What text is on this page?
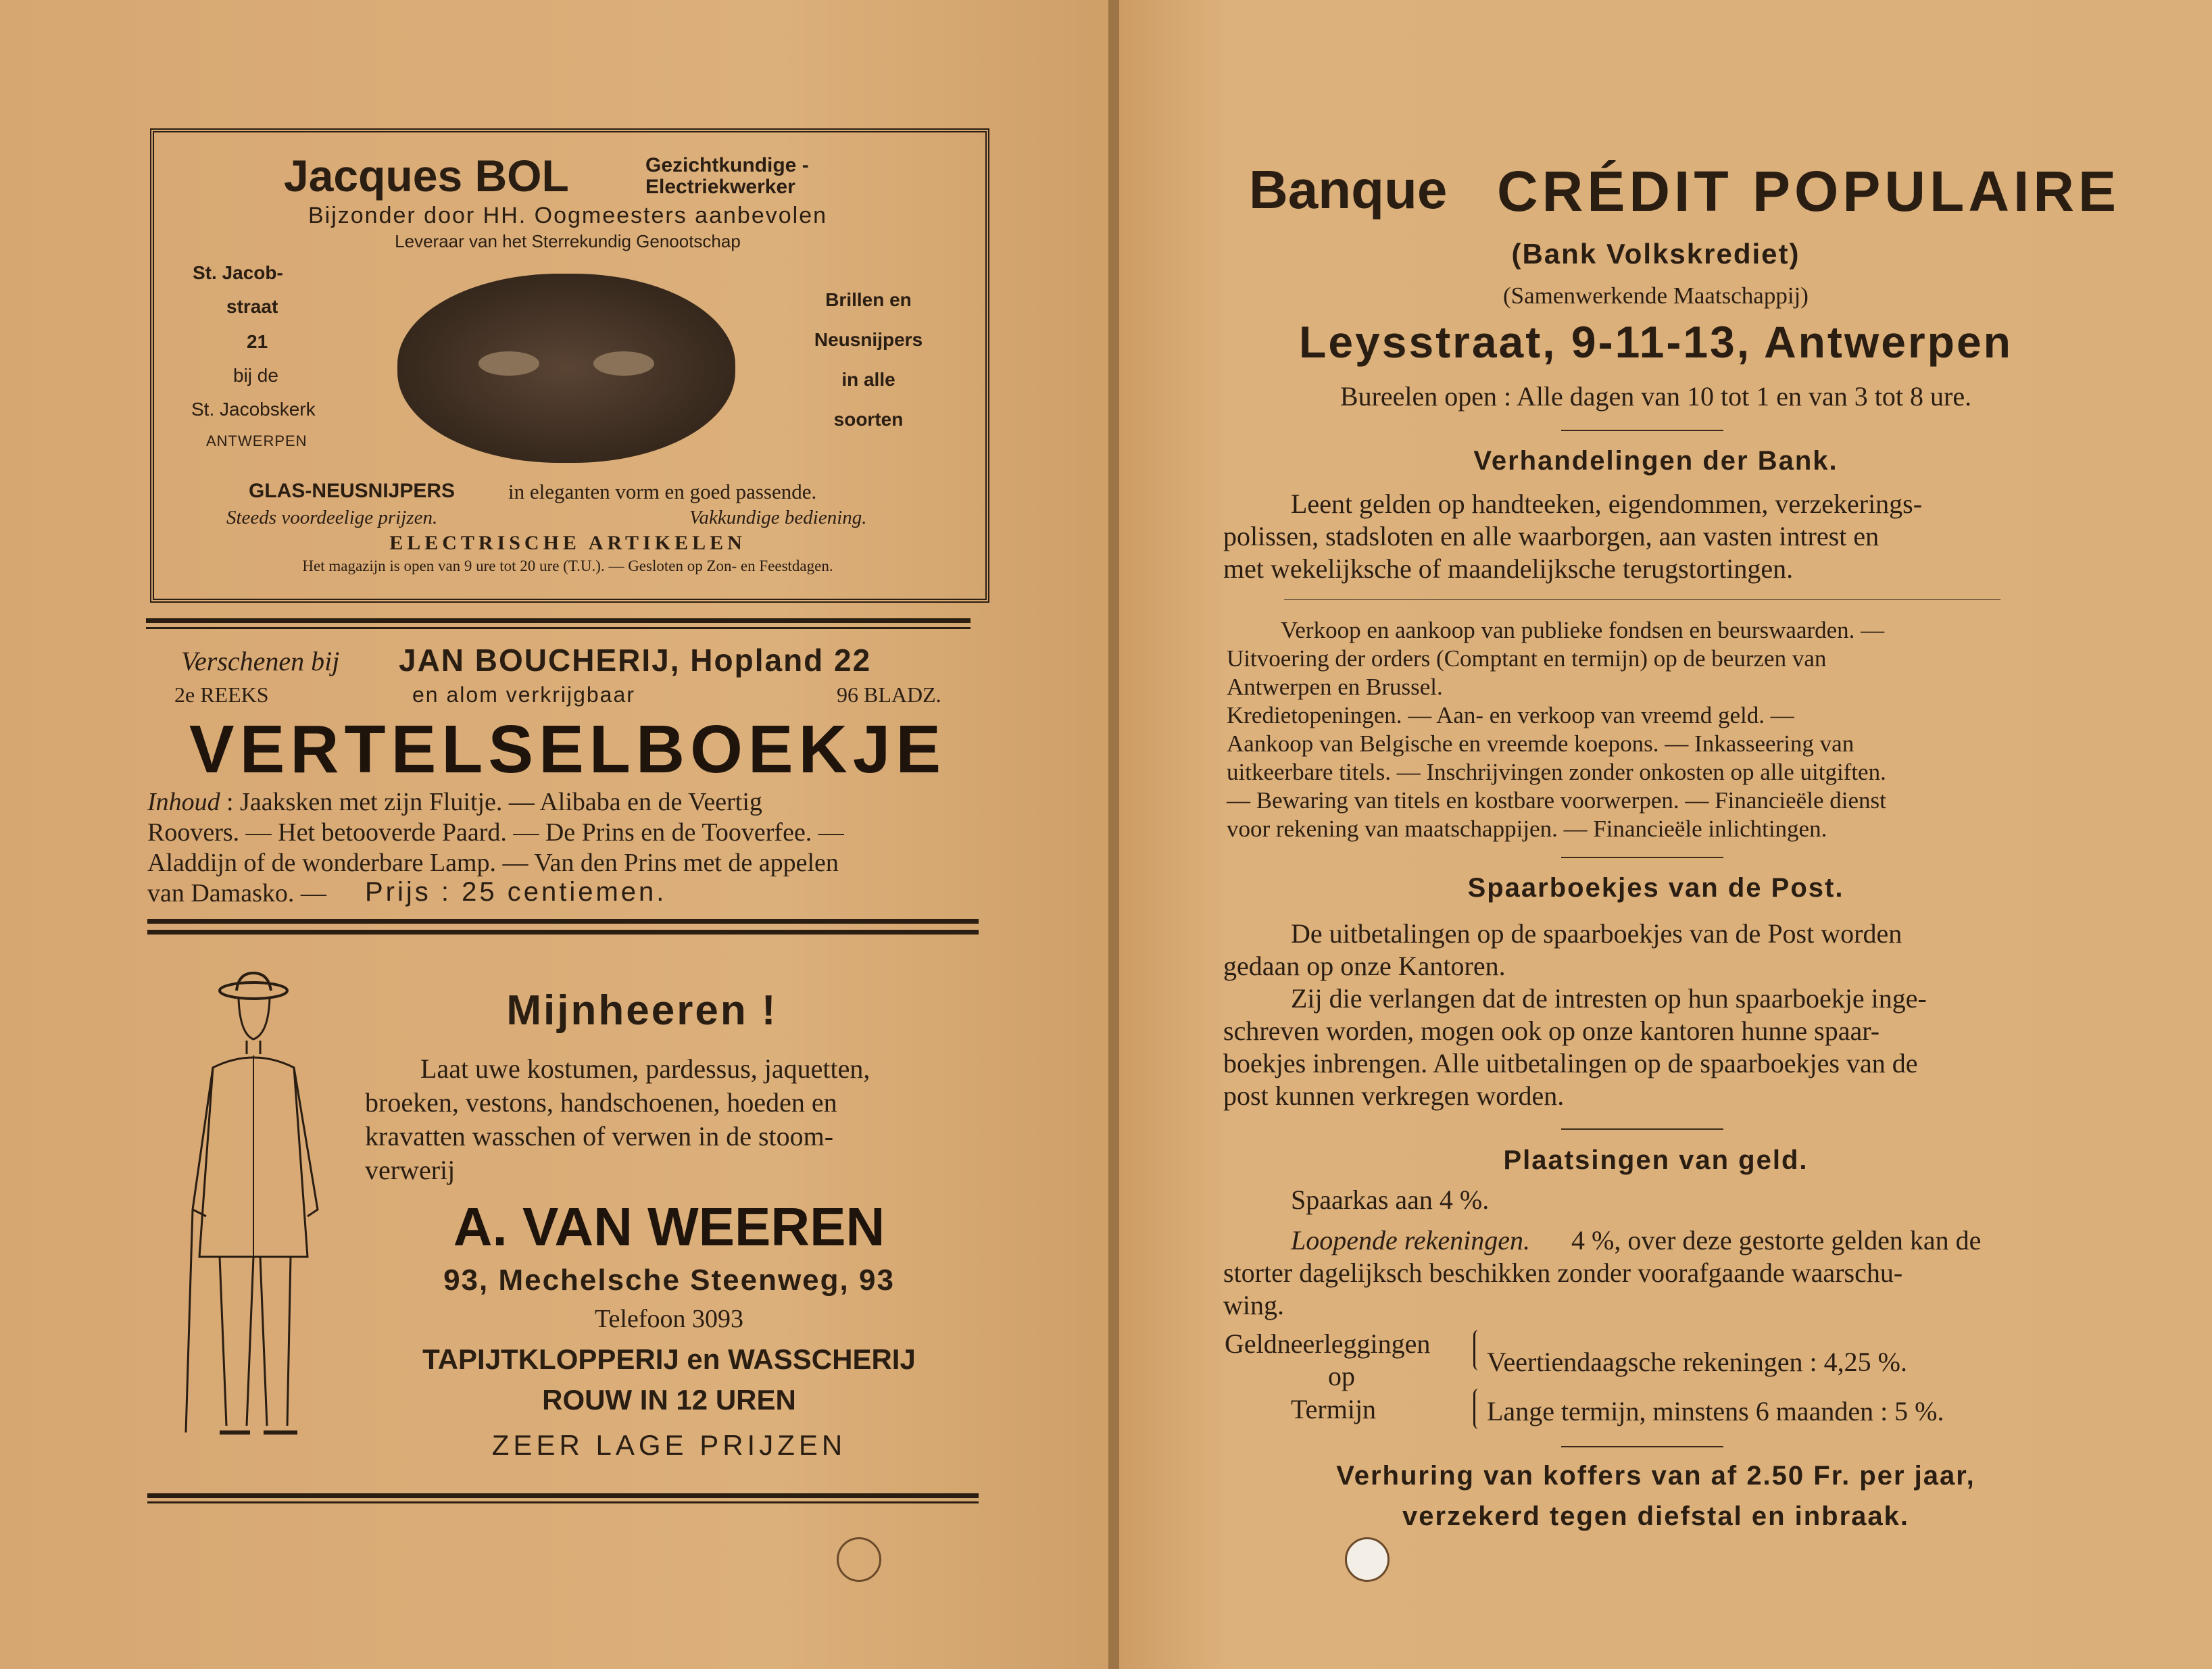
Jacques BOL	Gezichtkundige -
Electriekwerker
Bijzonder door HH. Oogmeesters aanbevolen
Leveraar van het Sterrekundig Genootschap
St. Jacob-
straat
21
bij de
St. Jacobskerk
ANTWERPEN
Brillen en
Neusnijpers
in alle
soorten
GLAS-NEUSNIJPERS	in eleganten vorm en goed passende.
Steeds voordeelige prijzen.	Vakkundige bediening.
ELECTRISCHE ARTIKELEN
Het magazijn is open van 9 ure tot 20 ure (T.U.). — Gesloten op Zon- en Feestdagen.
Verschenen bij JAN BOUCHERIJ, Hopland 22
2e REEKS	en alom verkrijgbaar	96 BLADZ.
VERTELSELBOEKJE
Inhoud : Jaaksken met zijn Fluitje. — Alibaba en de Veertig
Roovers. — Het betooverde Paard. — De Prins en de Tooverfee. —
Aladdijn of de wonderbare Lamp. — Van den Prins met de appelen
van Damasko. — Prijs : 25 centiemen.
Mijnheeren !
Laat uwe kostumen, pardessus, jaquetten,
broeken, vestons, handschoenen, hoeden en
kravatten wasschen of verwen in de stoom-
verwerij
A. VAN WEEREN
93, Mechelsche Steenweg, 93
Telefoon 3093
TAPIJTKLOPPERIJ en WASSCHERIJ
ROUW IN 12 UREN
ZEER LAGE PRIJZEN
Banque CRÉDIT POPULAIRE
(Bank Volkskrediet)
(Samenwerkende Maatschappij)
Leysstraat, 9-11-13, Antwerpen
Bureelen open : Alle dagen van 10 tot 1 en van 3 tot 8 ure.
Verhandelingen der Bank.
Leent gelden op handteeken, eigendommen, verzekerings-
polissen, stadsloten en alle waarborgen, aan vasten intrest en
met wekelijksche of maandelijksche terugstortingen.
Verkoop en aankoop van publieke fondsen en beurswaarden. —
Uitvoering der orders (Comptant en termijn) op de beurzen van
Antwerpen en Brussel.
Kredietopeningen. — Aan- en verkoop van vreemd geld. —
Aankoop van Belgische en vreemde koepons. — Inkasseering van
uitkeerbare titels. — Inschrijvingen zonder onkosten op alle uitgiften.
— Bewaring van titels en kostbare voorwerpen. — Financieële dienst
voor rekening van maatschappijen. — Financieële inlichtingen.
Spaarboekjes van de Post.
De uitbetalingen op de spaarboekjes van de Post worden
gedaan op onze Kantoren.
Zij die verlangen dat de intresten op hun spaarboekje inge-
schreven worden, mogen ook op onze kantoren hunne spaar-
boekjes inbrengen. Alle uitbetalingen op de spaarboekjes van de
post kunnen verkregen worden.
Plaatsingen van geld.
Spaarkas aan 4 %.
Loopende rekeningen. 4 %, over deze gestorte gelden kan de
storter dagelijksch beschikken zonder voorafgaande waarschu-
wing.
Geldneerleggingen
op
Termijn
Veertiendaagsche rekeningen : 4,25 %.
Lange termijn, minstens 6 maanden : 5 %.
Verhuring van koffers van af 2.50 Fr. per jaar,
verzekerd tegen diefstal en inbraak.
